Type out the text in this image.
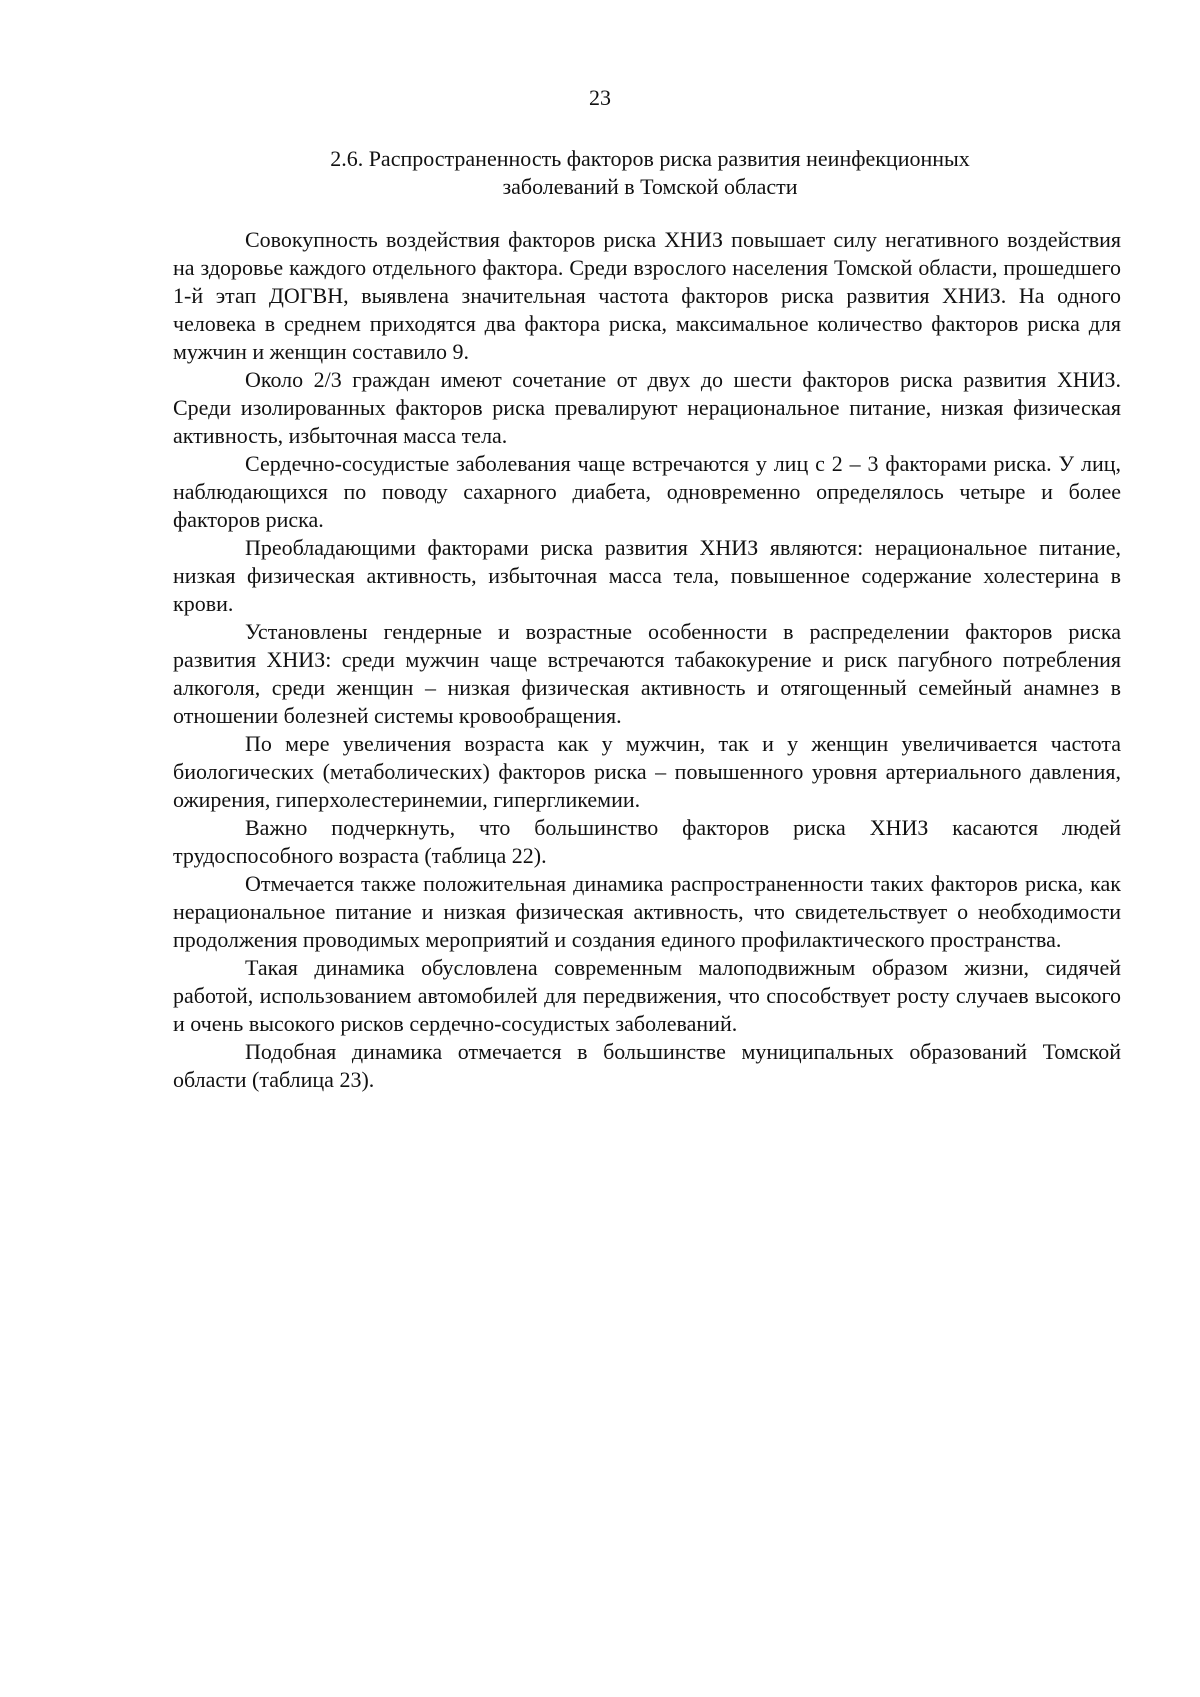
23
2.6. Распространенность факторов риска развития неинфекционных
заболеваний в Томской области

Совокупность воздействия факторов риска ХНИЗ повышает силу негативного воздействия на здоровье каждого отдельного фактора. Среди взрослого населения Томской области, прошедшего 1-й этап ДОГВН, выявлена значительная частота факторов риска развития ХНИЗ. На одного человека в среднем приходятся два фактора риска, максимальное количество факторов риска для мужчин и женщин составило 9.

Около 2/3 граждан имеют сочетание от двух до шести факторов риска развития ХНИЗ. Среди изолированных факторов риска превалируют нерациональное питание, низкая физическая активность, избыточная масса тела.

Сердечно-сосудистые заболевания чаще встречаются у лиц с 2 – 3 факторами риска. У лиц, наблюдающихся по поводу сахарного диабета, одновременно определялось четыре и более факторов риска.

Преобладающими факторами риска развития ХНИЗ являются: нерациональное питание, низкая физическая активность, избыточная масса тела, повышенное содержание холестерина в крови.

Установлены гендерные и возрастные особенности в распределении факторов риска развития ХНИЗ: среди мужчин чаще встречаются табакокурение и риск пагубного потребления алкоголя, среди женщин – низкая физическая активность и отягощенный семейный анамнез в отношении болезней системы кровообращения.

По мере увеличения возраста как у мужчин, так и у женщин увеличивается частота биологических (метаболических) факторов риска – повышенного уровня артериального давления, ожирения, гиперхолестеринемии, гипергликемии.

Важно подчеркнуть, что большинство факторов риска ХНИЗ касаются людей трудоспособного возраста (таблица 22).

Отмечается также положительная динамика распространенности таких факторов риска, как нерациональное питание и низкая физическая активность, что свидетельствует о необходимости продолжения проводимых мероприятий и создания единого профилактического пространства.

Такая динамика обусловлена современным малоподвижным образом жизни, сидячей работой, использованием автомобилей для передвижения, что способствует росту случаев высокого и очень высокого рисков сердечно-сосудистых заболеваний.

Подобная динамика отмечается в большинстве муниципальных образований Томской области (таблица 23).
